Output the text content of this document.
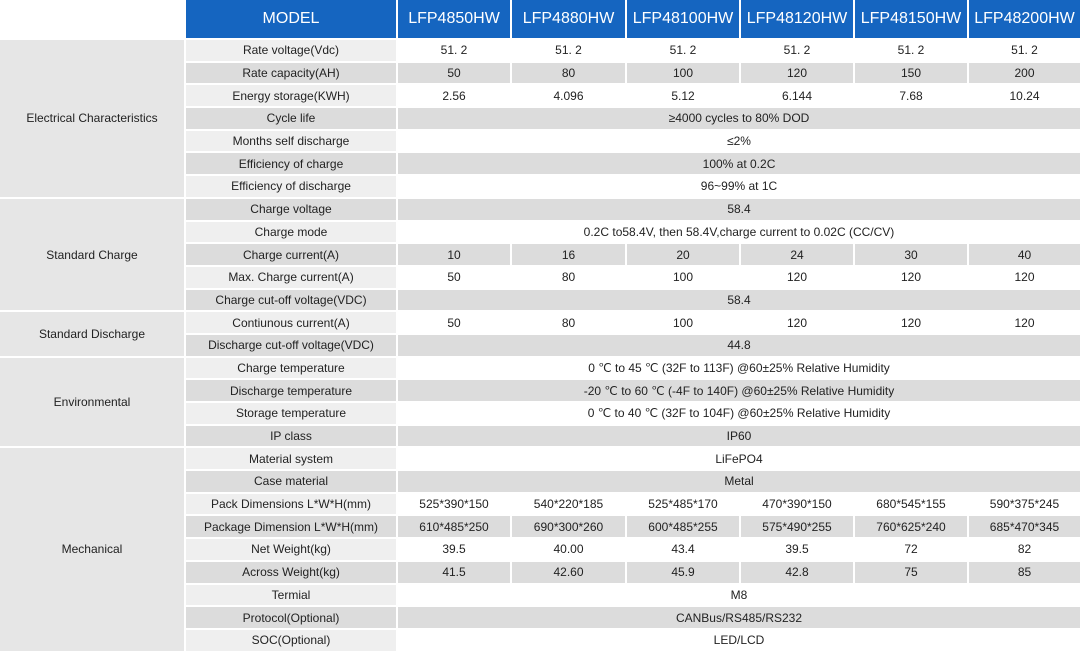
	MODEL	LFP4850HW	LFP4880HW	LFP48100HW	LFP48120HW	LFP48150HW	LFP48200HW
Electrical Characteristics	Rate voltage(Vdc)	51. 2	51. 2	51. 2	51. 2	51. 2	51. 2
	Rate capacity(AH)	50	80	100	120	150	200
	Energy storage(KWH)	2.56	4.096	5.12	6.144	7.68	10.24
	Cycle life	≥4000 cycles to 80% DOD					
	Months self discharge	≤2%					
	Efficiency of charge	100% at 0.2C					
	Efficiency of discharge	96~99% at 1C					
Standard Charge	Charge voltage	58.4					
	Charge mode	0.2C to58.4V, then 58.4V,charge current to 0.02C (CC/CV)					
	Charge current(A)	10	16	20	24	30	40
	Max. Charge current(A)	50	80	100	120	120	120
	Charge cut-off voltage(VDC)	58.4					
Standard Discharge	Contiunous current(A)	50	80	100	120	120	120
	Discharge cut-off voltage(VDC)	44.8					
Environmental	Charge temperature	0 ℃ to 45 ℃ (32F to 113F) @60±25% Relative Humidity					
	Discharge temperature	-20 ℃ to 60 ℃ (-4F to 140F) @60±25% Relative Humidity					
	Storage temperature	0 ℃ to 40 ℃ (32F to 104F) @60±25% Relative Humidity					
	IP class	IP60					
Mechanical	Material system	LiFePO4					
	Case material	Metal					
	Pack Dimensions L*W*H(mm)	525*390*150	540*220*185	525*485*170	470*390*150	680*545*155	590*375*245
	Package Dimension L*W*H(mm)	610*485*250	690*300*260	600*485*255	575*490*255	760*625*240	685*470*345
	Net Weight(kg)	39.5	40.00	43.4	39.5	72	82
	Across Weight(kg)	41.5	42.60	45.9	42.8	75	85
	Termial	M8					
	Protocol(Optional)	CANBus/RS485/RS232					
	SOC(Optional)	LED/LCD					
